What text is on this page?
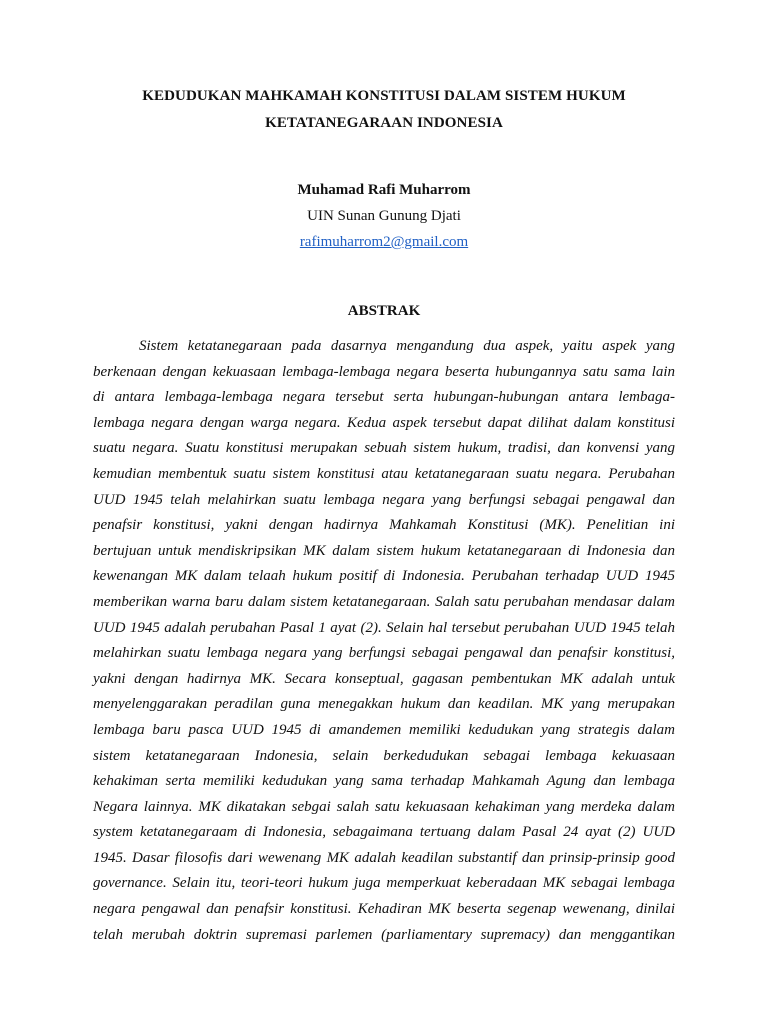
KEDUDUKAN MAHKAMAH KONSTITUSI DALAM SISTEM HUKUM
KETATANEGARAAN INDONESIA
Muhamad Rafi Muharrom
UIN Sunan Gunung Djati
rafimuharrom2@gmail.com
ABSTRAK
Sistem ketatanegaraan pada dasarnya mengandung dua aspek, yaitu aspek yang
berkenaan dengan kekuasaan lembaga-lembaga negara beserta hubungannya satu sama lain
di antara lembaga-lembaga negara tersebut serta hubungan-hubungan antara lembaga-
lembaga negara dengan warga negara. Kedua aspek tersebut dapat dilihat dalam konstitusi
suatu negara. Suatu konstitusi merupakan sebuah sistem hukum, tradisi, dan konvensi yang
kemudian membentuk suatu sistem konstitusi atau ketatanegaraan suatu negara. Perubahan
UUD 1945 telah melahirkan suatu lembaga negara yang berfungsi sebagai pengawal dan
penafsir konstitusi, yakni dengan hadirnya Mahkamah Konstitusi (MK). Penelitian ini
bertujuan untuk mendiskripsikan MK dalam sistem hukum ketatanegaraan di Indonesia dan
kewenangan MK dalam telaah hukum positif di Indonesia. Perubahan terhadap UUD 1945
memberikan warna baru dalam sistem ketatanegaraan. Salah satu perubahan mendasar dalam
UUD 1945 adalah perubahan Pasal 1 ayat (2). Selain hal tersebut perubahan UUD 1945 telah
melahirkan suatu lembaga negara yang berfungsi sebagai pengawal dan penafsir konstitusi,
yakni dengan hadirnya MK. Secara konseptual, gagasan pembentukan MK adalah untuk
menyelenggarakan peradilan guna menegakkan hukum dan keadilan. MK yang merupakan
lembaga baru pasca UUD 1945 di amandemen memiliki kedudukan yang strategis dalam
sistem ketatanegaraan Indonesia, selain berkedudukan sebagai lembaga kekuasaan
kehakiman serta memiliki kedudukan yang sama terhadap Mahkamah Agung dan lembaga
Negara lainnya. MK dikatakan sebgai salah satu kekuasaan kehakiman yang merdeka dalam
system ketatanegaraam di Indonesia, sebagaimana tertuang dalam Pasal 24 ayat (2) UUD
1945. Dasar filosofis dari wewenang MK adalah keadilan substantif dan prinsip-prinsip good
governance. Selain itu, teori-teori hukum juga memperkuat keberadaan MK sebagai lembaga
negara pengawal dan penafsir konstitusi. Kehadiran MK beserta segenap wewenang, dinilai
telah merubah doktrin supremasi parlemen (parliamentary supremacy) dan menggantikan
